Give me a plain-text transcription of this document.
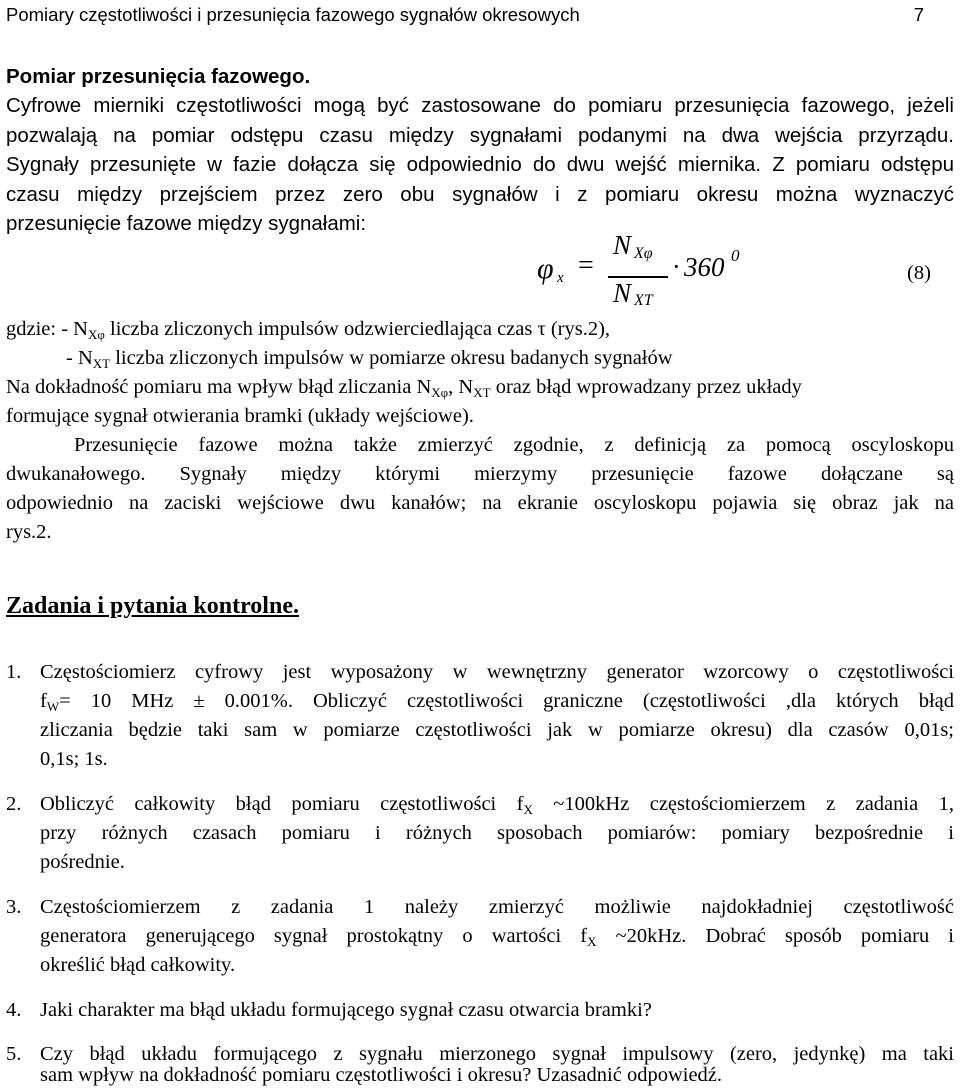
Pomiary częstotliwości i przesunięcia fazowego sygnałów okresowych	7
Pomiar przesunięcia fazowego.
Cyfrowe mierniki częstotliwości mogą być zastosowane do pomiaru przesunięcia fazowego, jeżeli
pozwalają na pomiar odstępu czasu między sygnałami podanymi na dwa wejścia przyrządu.
Sygnały przesunięte w fazie dołącza się odpowiednio do dwu wejść miernika. Z pomiaru odstępu
czasu między przejściem przez zero obu sygnałów i z pomiaru okresu można wyznaczyć
przesunięcie fazowe między sygnałami:
φ x =
N Xφ
N XT
· 360 0
(8)
gdzie: - $N_{X\varphi}$ liczba zliczonych impulsów odzwierciedlająca czas τ (rys.2),
- $N_{XT}$ liczba zliczonych impulsów w pomiarze okresu badanych sygnałów
Na dokładność pomiaru ma wpływ błąd zliczania $N_{X\varphi}$, $N_{XT}$ oraz błąd wprowadzany przez układy
formujące sygnał otwierania bramki (układy wejściowe).
Przesunięcie fazowe można także zmierzyć zgodnie, z definicją za pomocą oscyloskopu
dwukanałowego. Sygnały między którymi mierzymy przesunięcie fazowe dołączane są
odpowiednio na zaciski wejściowe dwu kanałów; na ekranie oscyloskopu pojawia się obraz jak na
rys.2.
Zadania i pytania kontrolne.
1. Częstościomierz cyfrowy jest wyposażony w wewnętrzny generator wzorcowy o częstotliwości
$f_W= 10$ MHz ± 0.001%. Obliczyć częstotliwości graniczne (częstotliwości ,dla których błąd
zliczania będzie taki sam w pomiarze częstotliwości jak w pomiarze okresu) dla czasów 0,01s;
0,1s; 1s.
2. Obliczyć całkowity błąd pomiaru częstotliwości $f_X$ ~100kHz częstościomierzem z zadania 1,
przy różnych czasach pomiaru i różnych sposobach pomiarów: pomiary bezpośrednie i
pośrednie.
3. Częstościomierzem z zadania 1 należy zmierzyć możliwie najdokładniej częstotliwość
generatora generującego sygnał prostokątny o wartości $f_X$ ~20kHz. Dobrać sposób pomiaru i
określić błąd całkowity.
4. Jaki charakter ma błąd układu formującego sygnał czasu otwarcia bramki?
5. Czy błąd układu formującego z sygnału mierzonego sygnał impulsowy (zero, jedynkę) ma taki
sam wpływ na dokładność pomiaru częstotliwości i okresu? Uzasadnić odpowiedź.
